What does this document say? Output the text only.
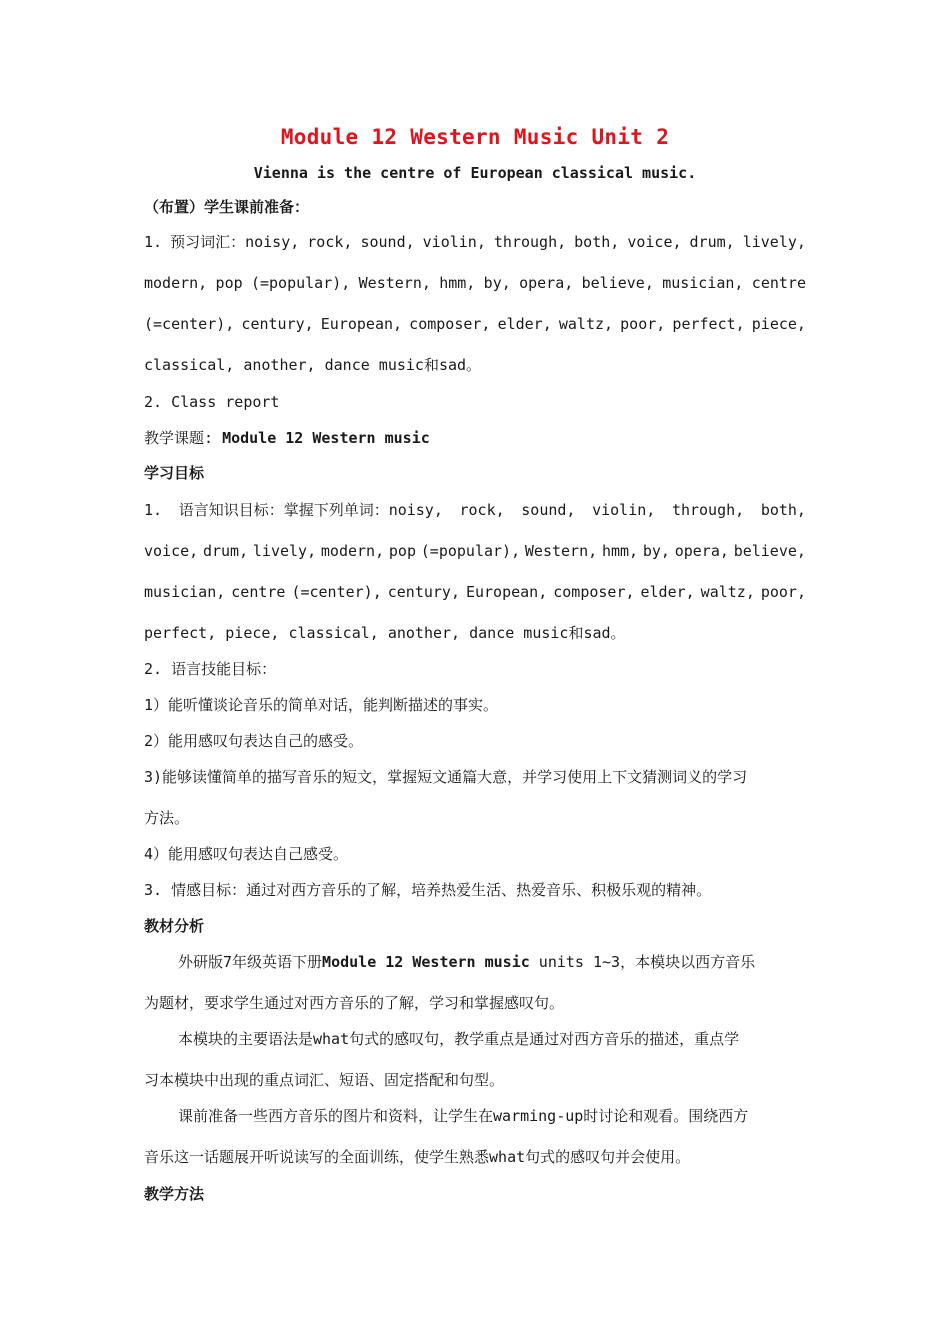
Module 12 Western Music Unit 2
Vienna is the centre of European classical music.
（布置）学生课前准备：
1. 预习词汇：noisy, rock, sound, violin, through, both, voice, drum, lively,
modern, pop (=popular), Western, hmm, by, opera, believe, musician, centre
(=center), century, European, composer, elder, waltz, poor, perfect, piece,
classical, another, dance music和sad。
2. Class report
教学课题: Module 12 Western music
学习目标
1. 语言知识目标：掌握下列单词：noisy, rock, sound, violin, through, both,
voice, drum, lively, modern, pop (=popular), Western, hmm, by, opera, believe,
musician, centre (=center), century, European, composer, elder, waltz, poor,
perfect, piece, classical, another, dance music和sad。
2. 语言技能目标：
1）能听懂谈论音乐的简单对话，能判断描述的事实。
2）能用感叹句表达自己的感受。
3)能够读懂简单的描写音乐的短文，掌握短文通篇大意，并学习使用上下文猜测词义的学习
方法。
4）能用感叹句表达自己感受。
3. 情感目标：通过对西方音乐的了解，培养热爱生活、热爱音乐、积极乐观的精神。
教材分析
外研版7年级英语下册Module 12 Western music units 1~3，本模块以西方音乐
为题材，要求学生通过对西方音乐的了解，学习和掌握感叹句。
本模块的主要语法是what句式的感叹句，教学重点是通过对西方音乐的描述，重点学
习本模块中出现的重点词汇、短语、固定搭配和句型。
课前准备一些西方音乐的图片和资料，让学生在warming-up时讨论和观看。围绕西方
音乐这一话题展开听说读写的全面训练，使学生熟悉what句式的感叹句并会使用。
教学方法
